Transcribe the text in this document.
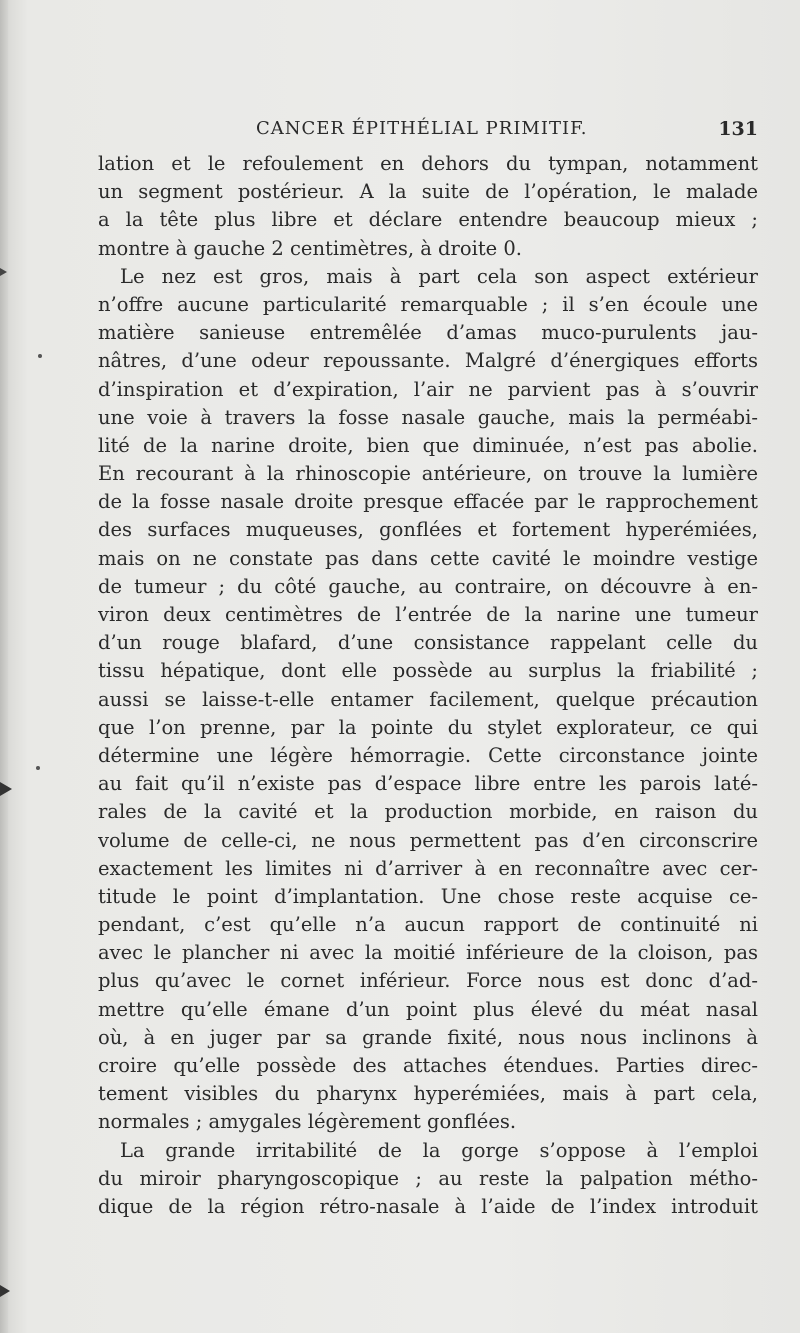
CANCER ÉPITHÉLIAL PRIMITIF.	131
lation et le refoulement en dehors du tympan, notamment
un segment postérieur. A la suite de l’opération, le malade
a la tête plus libre et déclare entendre beaucoup mieux ;
montre à gauche 2 centimètres, à droite 0.
Le nez est gros, mais à part cela son aspect extérieur
n’offre aucune particularité remarquable ; il s’en écoule une
matière sanieuse entremêlée d’amas muco-purulents jau-
nâtres, d’une odeur repoussante. Malgré d’énergiques efforts
d’inspiration et d’expiration, l’air ne parvient pas à s’ouvrir
une voie à travers la fosse nasale gauche, mais la perméabi-
lité de la narine droite, bien que diminuée, n’est pas abolie.
En recourant à la rhinoscopie antérieure, on trouve la lumière
de la fosse nasale droite presque effacée par le rapprochement
des surfaces muqueuses, gonflées et fortement hyperémiées,
mais on ne constate pas dans cette cavité le moindre vestige
de tumeur ; du côté gauche, au contraire, on découvre à en-
viron deux centimètres de l’entrée de la narine une tumeur
d’un rouge blafard, d’une consistance rappelant celle du
tissu hépatique, dont elle possède au surplus la friabilité ;
aussi se laisse-t-elle entamer facilement, quelque précaution
que l’on prenne, par la pointe du stylet explorateur, ce qui
détermine une légère hémorragie. Cette circonstance jointe
au fait qu’il n’existe pas d’espace libre entre les parois laté-
rales de la cavité et la production morbide, en raison du
volume de celle-ci, ne nous permettent pas d’en circonscrire
exactement les limites ni d’arriver à en reconnaître avec cer-
titude le point d’implantation. Une chose reste acquise ce-
pendant, c’est qu’elle n’a aucun rapport de continuité ni
avec le plancher ni avec la moitié inférieure de la cloison, pas
plus qu’avec le cornet inférieur. Force nous est donc d’ad-
mettre qu’elle émane d’un point plus élevé du méat nasal
où, à en juger par sa grande fixité, nous nous inclinons à
croire qu’elle possède des attaches étendues. Parties direc-
tement visibles du pharynx hyperémiées, mais à part cela,
normales ; amygales légèrement gonflées.
La grande irritabilité de la gorge s’oppose à l’emploi
du miroir pharyngoscopique ; au reste la palpation métho-
dique de la région rétro-nasale à l’aide de l’index introduit
